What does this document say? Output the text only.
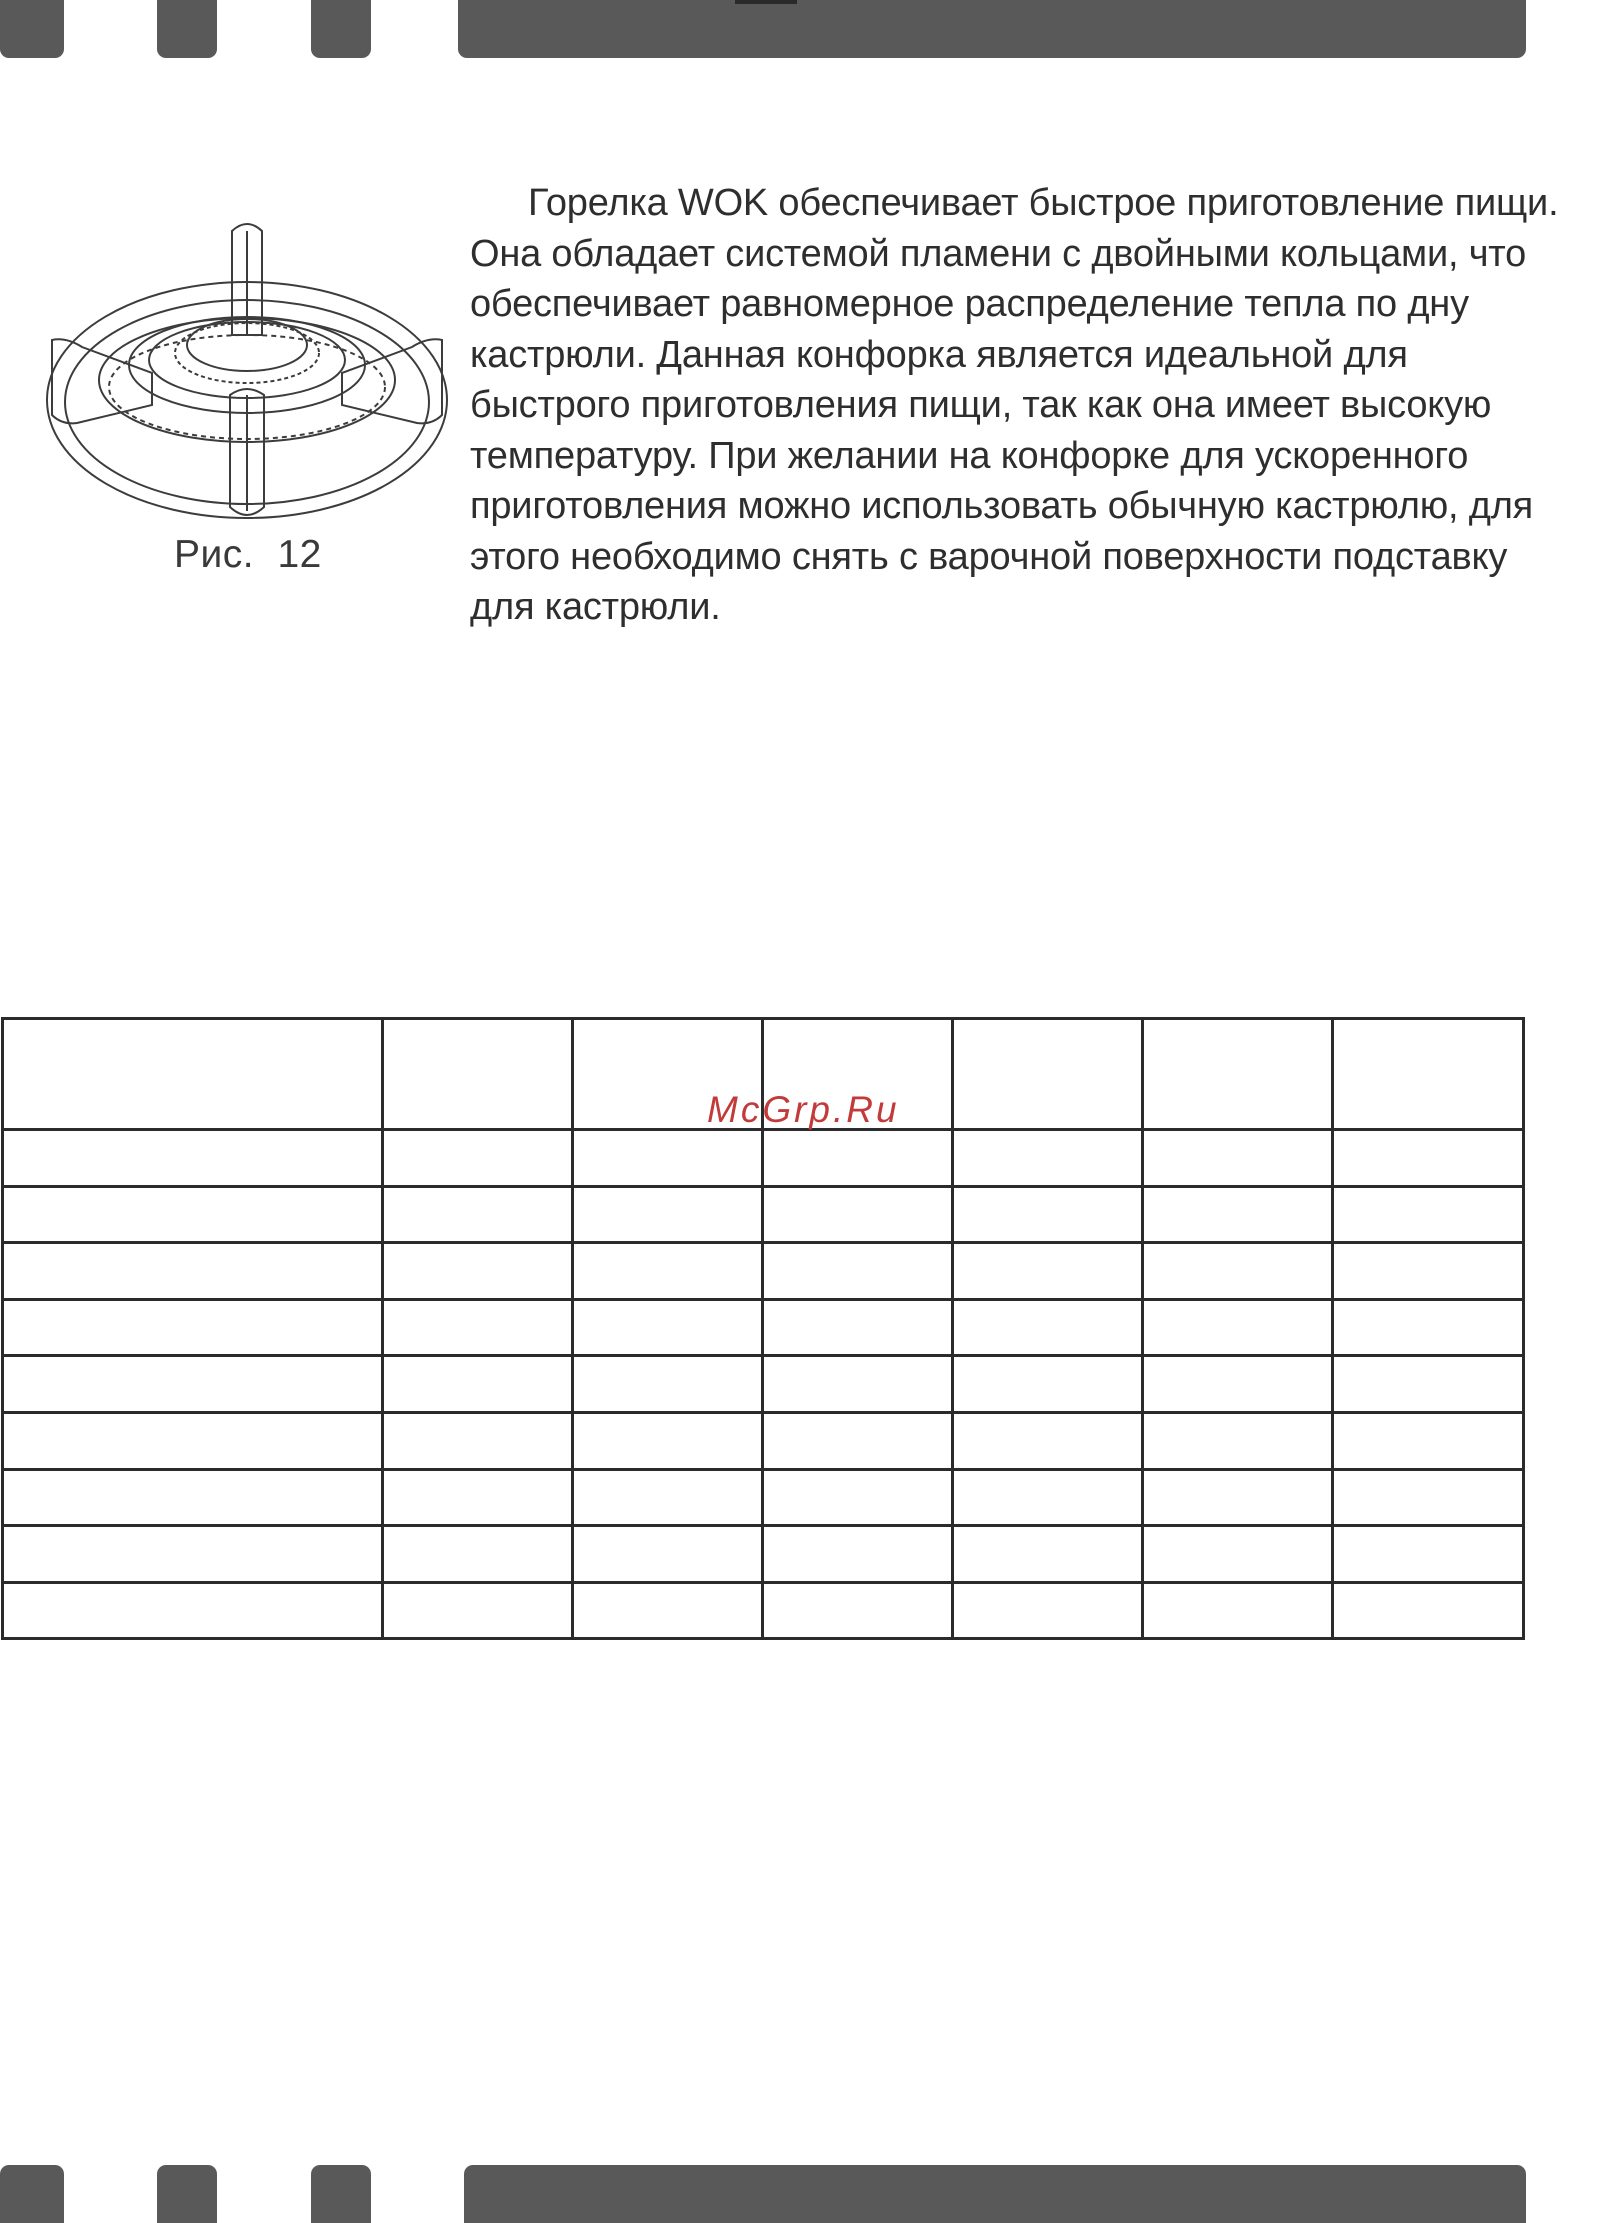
Рис. 12

Горелка WOK обеспечивает быстрое приготовление пищи. Она обладает системой пламени с двойными кольцами, что обеспечивает равномерное распределение тепла по дну кастрюли. Данная конфорка является идеальной для быстрого приготовления пищи, так как она имеет высокую температуру. При желании на конфорке для ускоренного приготовления можно использовать обычную кастрюлю, для этого необходимо снять с варочной поверхности подставку для кастрюли.

McGrp.Ru
